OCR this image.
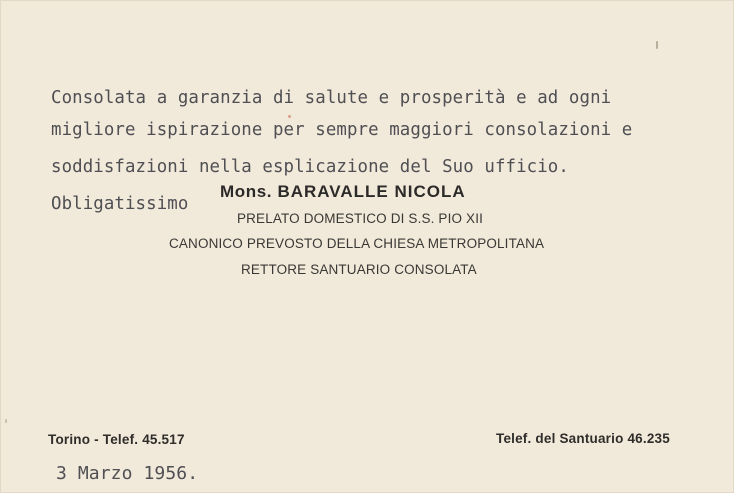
Consolata a garanzia di salute e prosperità e ad ogni
migliore ispirazione per sempre maggiori consolazioni e
soddisfazioni nella esplicazione del Suo ufficio.
Obligatissimo
Mons. BARAVALLE NICOLA
PRELATO DOMESTICO DI S.S. PIO XII
CANONICO PREVOSTO DELLA CHIESA METROPOLITANA
RETTORE SANTUARIO CONSOLATA
Torino - Telef. 45.517	Telef. del Santuario 46.235
3 Marzo 1956.
